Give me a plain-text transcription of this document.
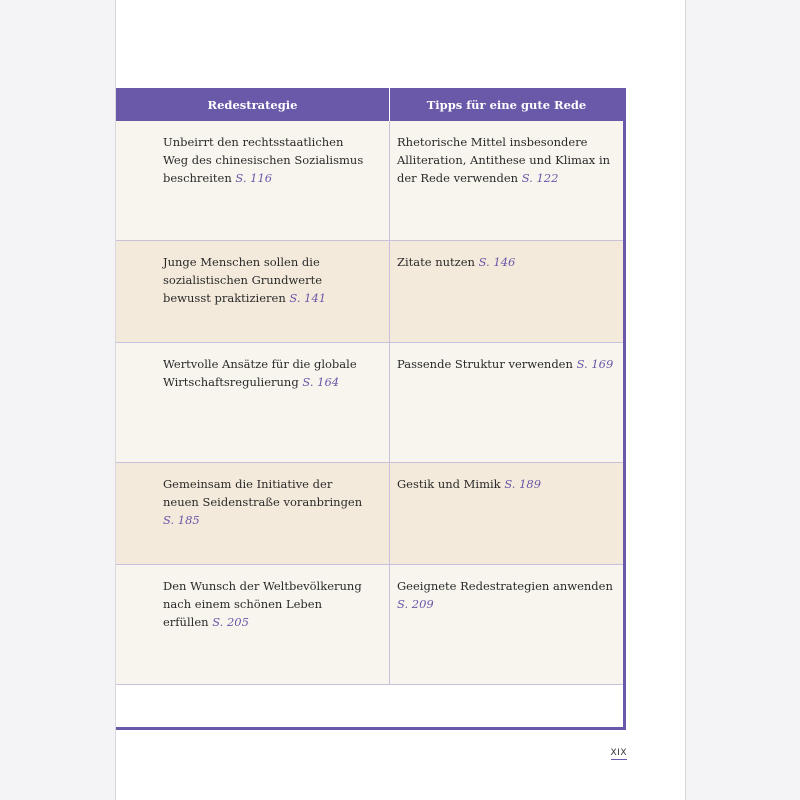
Redestrategie	Tipps für eine gute Rede
Unbeirrt den rechtsstaatlichen Weg des chinesischen Sozialismus beschreiten S. 116
Rhetorische Mittel insbesondere Alliteration, Antithese und Klimax in der Rede verwenden S. 122
Junge Menschen sollen die sozialistischen Grundwerte bewusst praktizieren S. 141
Zitate nutzen S. 146
Wertvolle Ansätze für die globale Wirtschaftsregulierung S. 164
Passende Struktur verwenden S. 169
Gemeinsam die Initiative der neuen Seidenstraße voranbringen S. 185
Gestik und Mimik S. 189
Den Wunsch der Weltbevölkerung nach einem schönen Leben erfüllen S. 205
Geeignete Redestrategien anwenden S. 209
XIX
